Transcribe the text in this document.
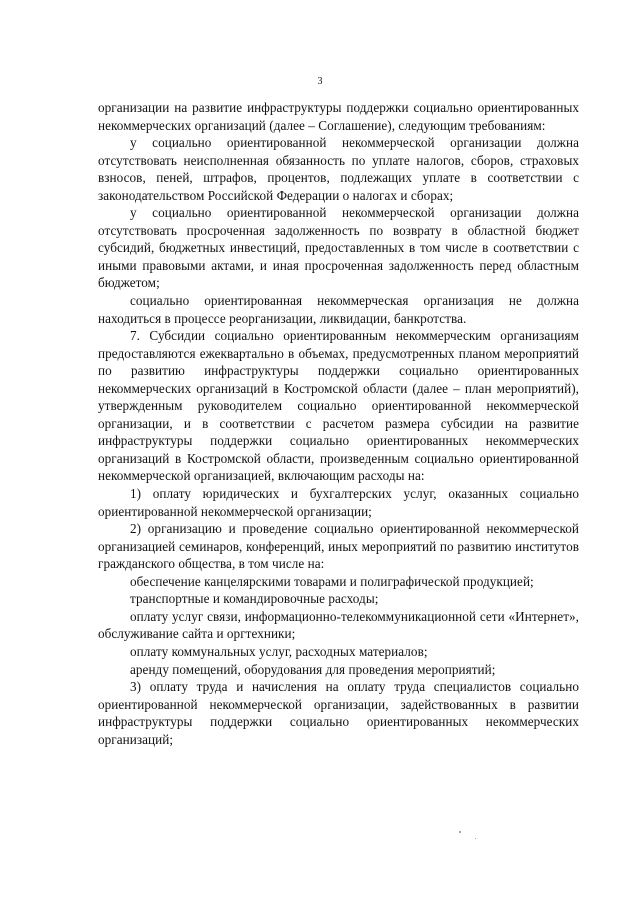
3

организации на развитие инфраструктуры поддержки социально ориентированных некоммерческих организаций (далее – Соглашение), следующим требованиям:

у социально ориентированной некоммерческой организации должна отсутствовать неисполненная обязанность по уплате налогов, сборов, страховых взносов, пеней, штрафов, процентов, подлежащих уплате в соответствии с законодательством Российской Федерации о налогах и сборах;

у социально ориентированной некоммерческой организации должна отсутствовать просроченная задолженность по возврату в областной бюджет субсидий, бюджетных инвестиций, предоставленных в том числе в соответствии с иными правовыми актами, и иная просроченная задолженность перед областным бюджетом;

социально ориентированная некоммерческая организация не должна находиться в процессе реорганизации, ликвидации, банкротства.

7. Субсидии социально ориентированным некоммерческим организациям предоставляются ежеквартально в объемах, предусмотренных планом мероприятий по развитию инфраструктуры поддержки социально ориентированных некоммерческих организаций в Костромской области (далее – план мероприятий), утвержденным руководителем социально ориентированной некоммерческой организации, и в соответствии с расчетом размера субсидии на развитие инфраструктуры поддержки социально ориентированных некоммерческих организаций в Костромской области, произведенным социально ориентированной некоммерческой организацией, включающим расходы на:

1) оплату юридических и бухгалтерских услуг, оказанных социально ориентированной некоммерческой организации;

2) организацию и проведение социально ориентированной некоммерческой организацией семинаров, конференций, иных мероприятий по развитию институтов гражданского общества, в том числе на:

обеспечение канцелярскими товарами и полиграфической продукцией;

транспортные и командировочные расходы;

оплату услуг связи, информационно-телекоммуникационной сети «Интернет», обслуживание сайта и оргтехники;

оплату коммунальных услуг, расходных материалов;

аренду помещений, оборудования для проведения мероприятий;

3) оплату труда и начисления на оплату труда специалистов социально ориентированной некоммерческой организации, задействованных в развитии инфраструктуры поддержки социально ориентированных некоммерческих организаций;
